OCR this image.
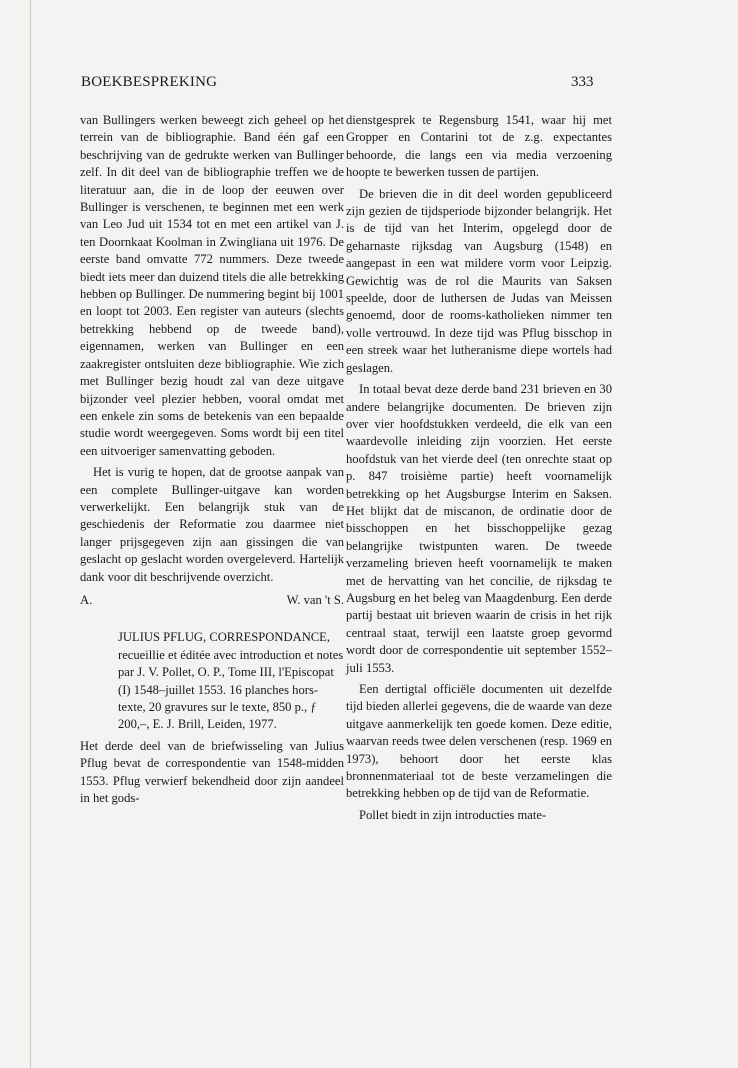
BOEKBESPREKING	333

van Bullingers werken beweegt zich geheel op het terrein van de bibliographie. Band één gaf een beschrijving van de gedrukte werken van Bullinger zelf. In dit deel van de bibliographie treffen we de literatuur aan, die in de loop der eeuwen over Bullinger is verschenen, te beginnen met een werk van Leo Jud uit 1534 tot en met een artikel van J. ten Doornkaat Koolman in Zwingliana uit 1976. De eerste band omvatte 772 nummers. Deze tweede biedt iets meer dan duizend titels die alle betrekking hebben op Bullinger. De nummering begint bij 1001 en loopt tot 2003. Een register van auteurs (slechts betrekking hebbend op de tweede band), eigennamen, werken van Bullinger en een zaakregister ontsluiten deze bibliographie. Wie zich met Bullinger bezig houdt zal van deze uitgave bijzonder veel plezier hebben, vooral omdat met een enkele zin soms de betekenis van een bepaalde studie wordt weergegeven. Soms wordt bij een titel een uitvoeriger samenvatting geboden.

Het is vurig te hopen, dat de grootse aanpak van een complete Bullinger-uitgave kan worden verwerkelijkt. Een belangrijk stuk van de geschiedenis der Reformatie zou daarmee niet langer prijsgegeven zijn aan gissingen die van geslacht op geslacht worden overgeleverd. Hartelijk dank voor dit beschrijvende overzicht.

A.	W. van 't S.
JULIUS PFLUG, CORRESPONDANCE, recueillie et éditée avec introduction et notes par J. V. Pollet, O. P., Tome III, l'Episcopat (I) 1548–juillet 1553. 16 planches hors-texte, 20 gravures sur le texte, 850 p., ƒ 200,–, E. J. Brill, Leiden, 1977.

Het derde deel van de briefwisseling van Julius Pflug bevat de correspondentie van 1548-midden 1553. Pflug verwierf bekendheid door zijn aandeel in het gods-

dienstgesprek te Regensburg 1541, waar hij met Gropper en Contarini tot de z.g. expectantes behoorde, die langs een via media verzoening hoopte te bewerken tussen de partijen.

De brieven die in dit deel worden gepubliceerd zijn gezien de tijdsperiode bijzonder belangrijk. Het is de tijd van het Interim, opgelegd door de geharnaste rijksdag van Augsburg (1548) en aangepast in een wat mildere vorm voor Leipzig. Gewichtig was de rol die Maurits van Saksen speelde, door de luthersen de Judas van Meissen genoemd, door de rooms-katholieken nimmer ten volle vertrouwd. In deze tijd was Pflug bisschop in een streek waar het lutheranisme diepe wortels had geslagen.

In totaal bevat deze derde band 231 brieven en 30 andere belangrijke documenten. De brieven zijn over vier hoofdstukken verdeeld, die elk van een waardevolle inleiding zijn voorzien. Het eerste hoofdstuk van het vierde deel (ten onrechte staat op p. 847 troisième partie) heeft voornamelijk betrekking op het Augsburgse Interim en Saksen. Het blijkt dat de miscanon, de ordinatie door de bisschoppen en het bisschoppelijke gezag belangrijke twistpunten waren. De tweede verzameling brieven heeft voornamelijk te maken met de hervatting van het concilie, de rijksdag te Augsburg en het beleg van Maagdenburg. Een derde partij bestaat uit brieven waarin de crisis in het rijk centraal staat, terwijl een laatste groep gevormd wordt door de correspondentie uit september 1552–juli 1553.

Een dertigtal officiële documenten uit dezelfde tijd bieden allerlei gegevens, die de waarde van deze uitgave aanmerkelijk ten goede komen. Deze editie, waarvan reeds twee delen verschenen (resp. 1969 en 1973), behoort door het eerste klas bronnenmateriaal tot de beste verzamelingen die betrekking hebben op de tijd van de Reformatie.

Pollet biedt in zijn introducties mate-
